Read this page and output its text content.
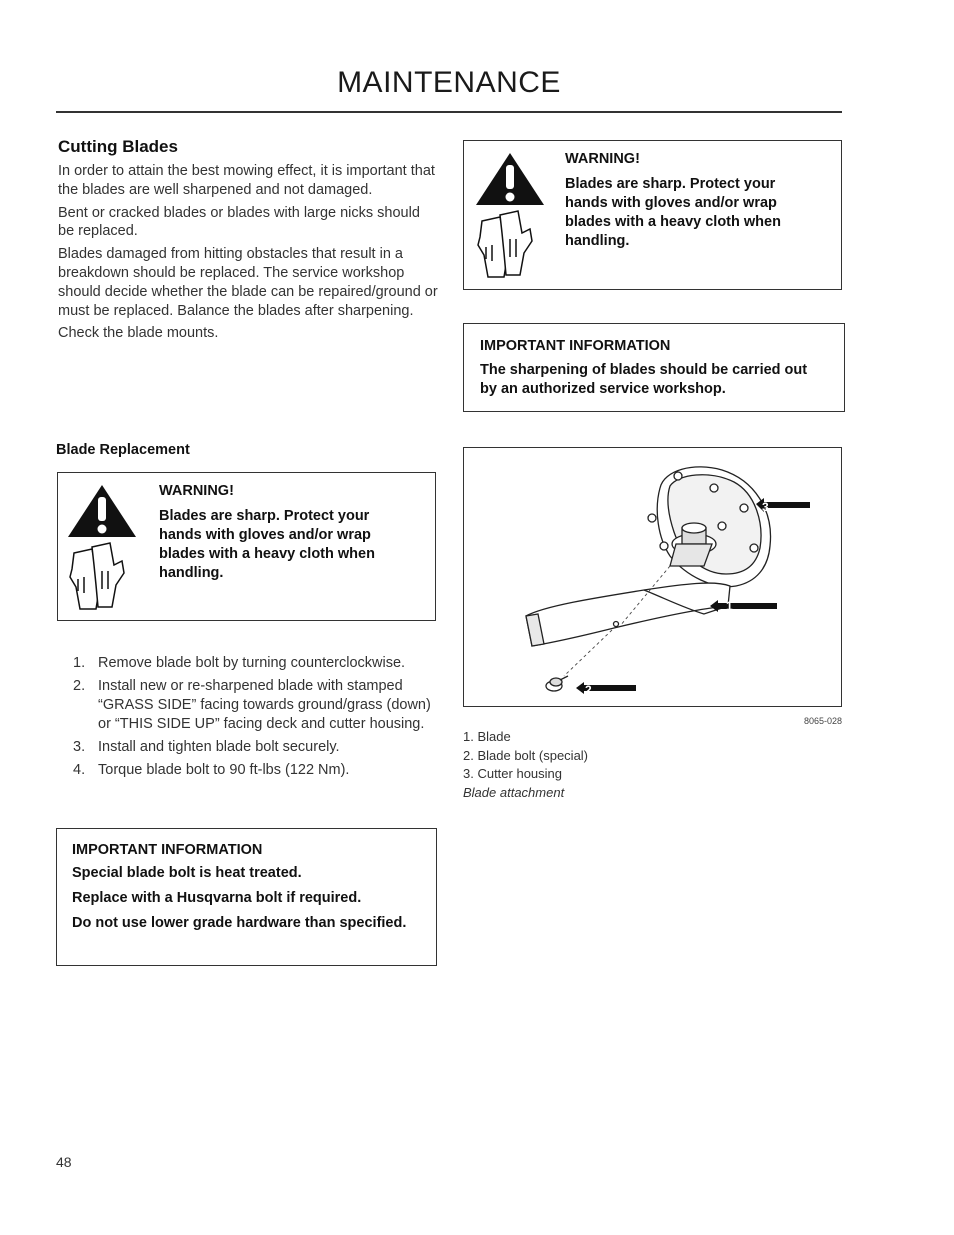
MAINTENANCE
Cutting Blades

In order to attain the best mowing effect, it is important that the blades are well sharpened and not damaged.

Bent or cracked blades or blades with large nicks should be replaced.

Blades damaged from hitting obstacles that result in a breakdown should be replaced. The service workshop should decide whether the blade can be repaired/ground or must be replaced. Balance the blades after sharpening.

Check the blade mounts.

WARNING!
Blades are sharp. Protect your hands with gloves and/or wrap blades with a heavy cloth when handling.
IMPORTANT INFORMATION
The sharpening of blades should be carried out by an authorized service workshop.
Blade Replacement
WARNING!
Blades are sharp. Protect your hands with gloves and/or wrap blades with a heavy cloth when handling.
1. Remove blade bolt by turning counterclockwise.
2. Install new or re-sharpened blade with stamped “GRASS SIDE” facing towards ground/grass (down) or “THIS SIDE UP” facing deck and cutter housing.
3. Install and tighten blade bolt securely.
4. Torque blade bolt to 90 ft-lbs (122 Nm).
IMPORTANT INFORMATION
Special blade bolt is heat treated.
Replace with a Husqvarna bolt if required.
Do not use lower grade hardware than specified.
3
1
2
8065-028
1. Blade
2. Blade bolt (special)
3. Cutter housing
Blade attachment
48
